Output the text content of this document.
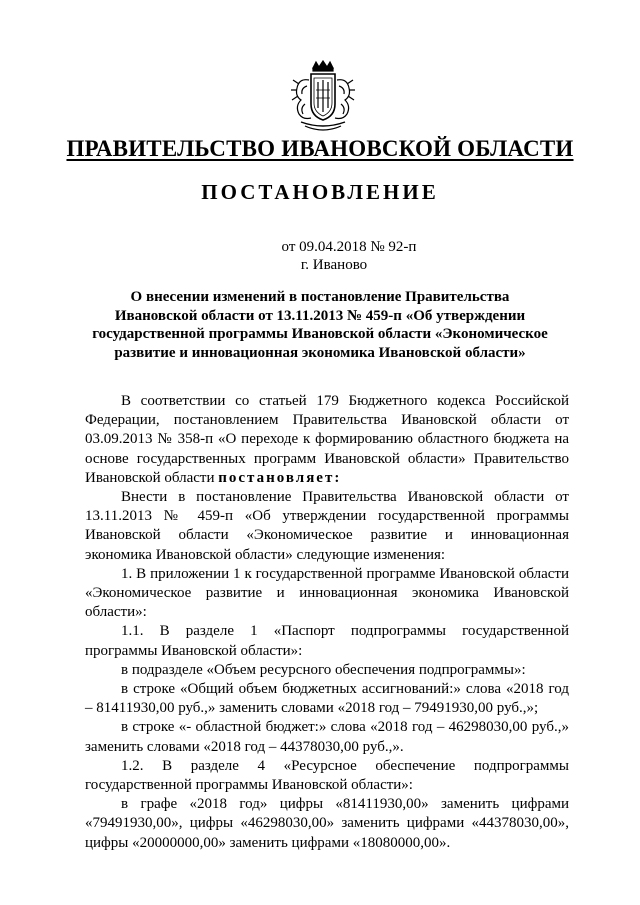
ПРАВИТЕЛЬСТВО ИВАНОВСКОЙ ОБЛАСТИ
ПОСТАНОВЛЕНИЕ
от 09.04.2018 № 92-п
г. Иваново
О внесении изменений в постановление Правительства Ивановской области от 13.11.2013 № 459-п «Об утверждении государственной программы Ивановской области «Экономическое развитие и инновационная экономика Ивановской области»

В соответствии со статьей 179 Бюджетного кодекса Российской Федерации, постановлением Правительства Ивановской области от 03.09.2013 № 358-п «О переходе к формированию областного бюджета на основе государственных программ Ивановской области» Правительство Ивановской области постановляет:

Внести в постановление Правительства Ивановской области от 13.11.2013 № 459-п «Об утверждении государственной программы Ивановской области «Экономическое развитие и инновационная экономика Ивановской области» следующие изменения:

1. В приложении 1 к государственной программе Ивановской области «Экономическое развитие и инновационная экономика Ивановской области»:

1.1. В разделе 1 «Паспорт подпрограммы государственной программы Ивановской области»:

в подразделе «Объем ресурсного обеспечения подпрограммы»:

в строке «Общий объем бюджетных ассигнований:» слова «2018 год – 81411930,00 руб.,» заменить словами «2018 год – 79491930,00 руб.,»;

в строке «- областной бюджет:» слова «2018 год – 46298030,00 руб.,» заменить словами «2018 год – 44378030,00 руб.,».

1.2. В разделе 4 «Ресурсное обеспечение подпрограммы государственной программы Ивановской области»:

в графе «2018 год» цифры «81411930,00» заменить цифрами «79491930,00», цифры «46298030,00» заменить цифрами «44378030,00», цифры «20000000,00» заменить цифрами «18080000,00».
